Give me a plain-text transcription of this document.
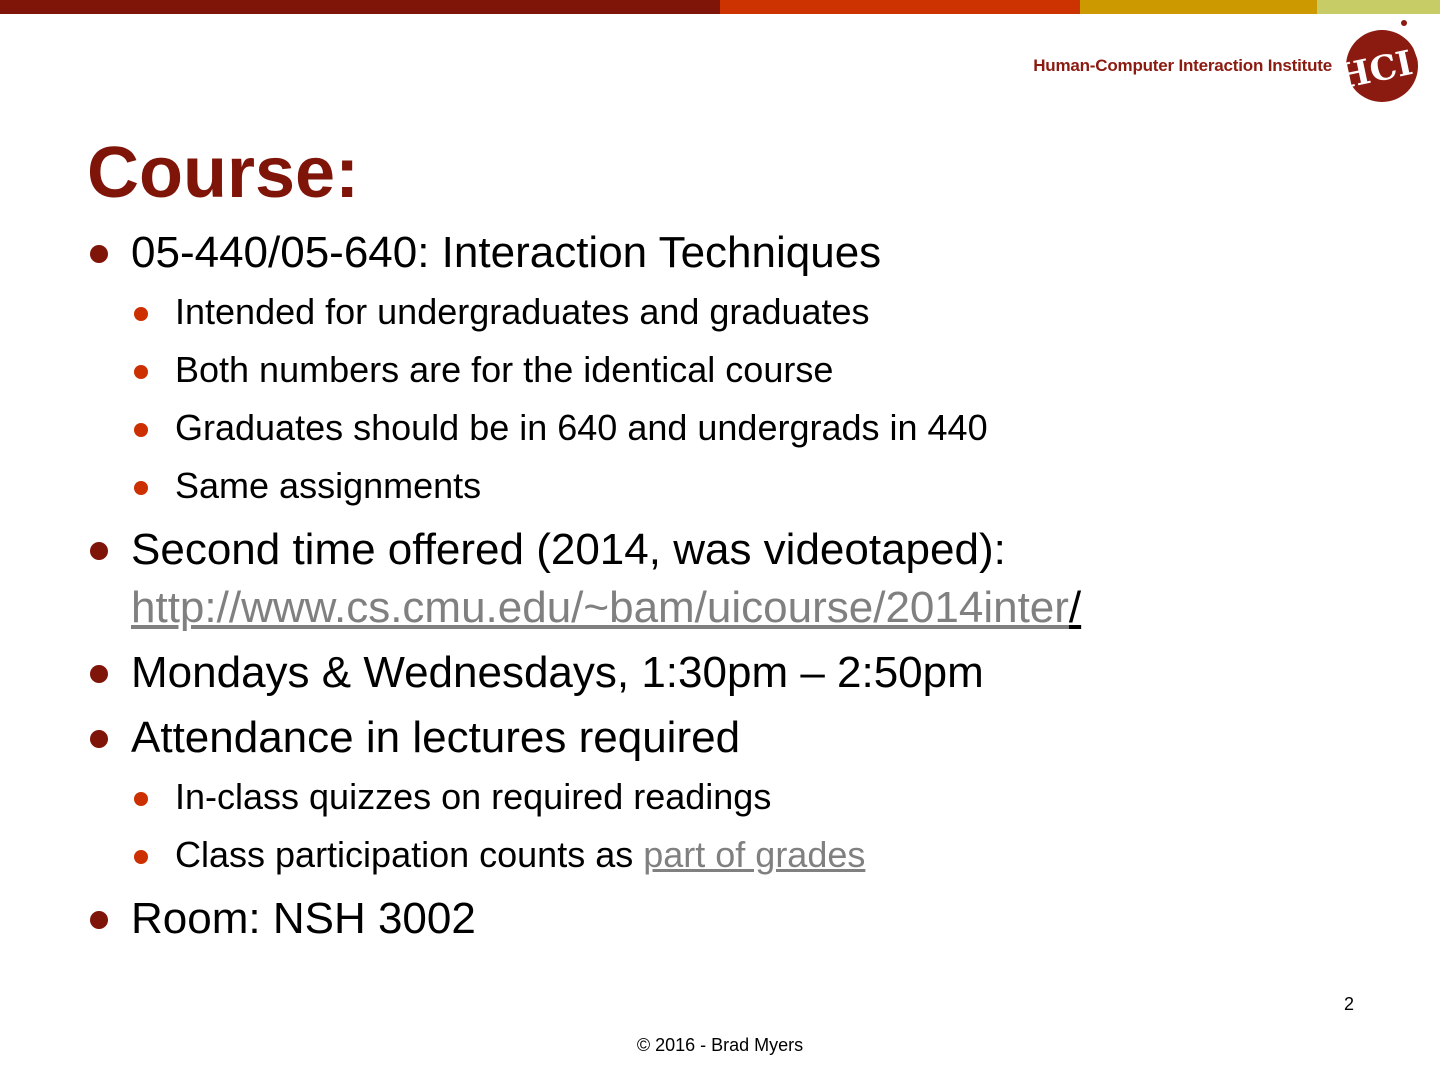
Human-Computer Interaction Institute HCI!
Course:
05-440/05-640: Interaction Techniques
Intended for undergraduates and graduates
Both numbers are for the identical course
Graduates should be in 640 and undergrads in 440
Same assignments
Second time offered (2014, was videotaped):
http://www.cs.cmu.edu/~bam/uicourse/2014inter/
Mondays & Wednesdays, 1:30pm – 2:50pm
Attendance in lectures required
In-class quizzes on required readings
Class participation counts as part of grades
Room: NSH 3002
2
© 2016 - Brad Myers
